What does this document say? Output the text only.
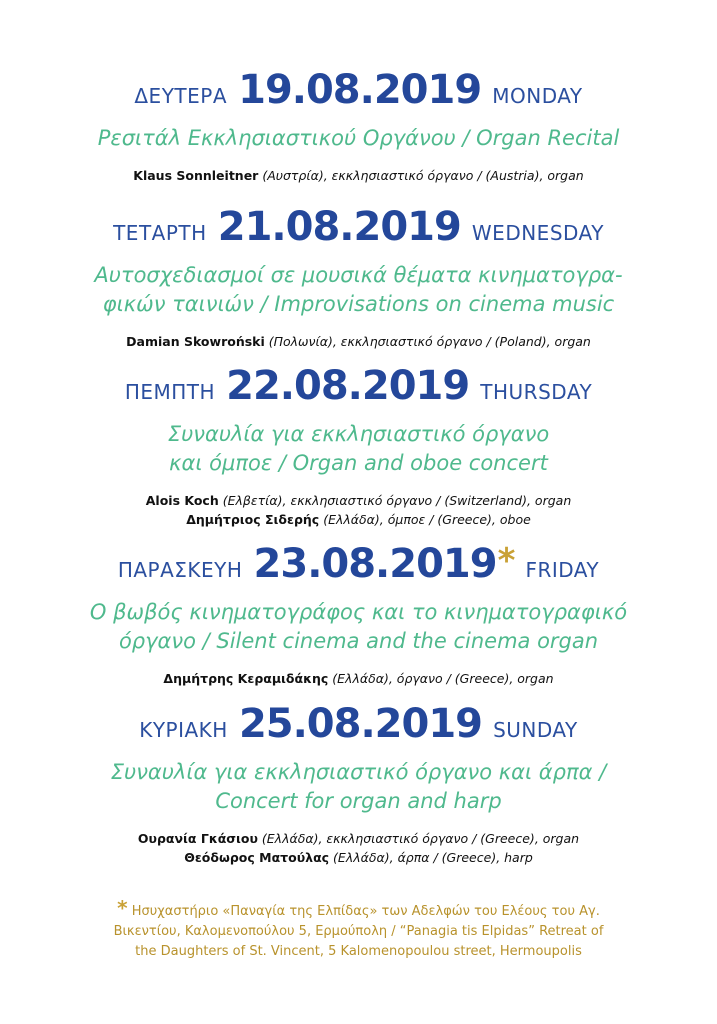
ΔΕΥΤΕΡΑ 19.08.2019 MONDAY
Ρεσιτάλ Εκκλησιαστικού Οργάνου / Organ Recital
Klaus Sonnleitner (Αυστρία), εκκλησιαστικό όργανο / (Austria), organ
ΤΕΤΑΡΤΗ 21.08.2019 WEDNESDAY
Αυτοσχεδιασμοί σε μουσικά θέματα κινηματογρα-
φικών ταινιών / Improvisations on cinema music
Damian Skowroński (Πολωνία), εκκλησιαστικό όργανο / (Poland), organ
ΠΕΜΠΤΗ 22.08.2019 THURSDAY
Συναυλία για εκκλησιαστικό όργανο
και όμποε / Organ and oboe concert
Alois Koch (Ελβετία), εκκλησιαστικό όργανο / (Switzerland), organ
Δημήτριος Σιδερής (Ελλάδα), όμποε / (Greece), oboe
ΠΑΡΑΣΚΕΥΗ 23.08.2019* FRIDAY
Ο βωβός κινηματογράφος και το κινηματογραφικό
όργανο / Silent cinema and the cinema organ
Δημήτρης Κεραμιδάκης (Ελλάδα), όργανο / (Greece), organ
ΚΥΡΙΑΚΗ 25.08.2019 SUNDAY
Συναυλία για εκκλησιαστικό όργανο και άρπα /
Concert for organ and harp
Ουρανία Γκάσιου (Ελλάδα), εκκλησιαστικό όργανο / (Greece), organ
Θεόδωρος Ματούλας (Ελλάδα), άρπα / (Greece), harp
* Ησυχαστήριο «Παναγία της Ελπίδας» των Αδελφών του Ελέους του Αγ.
Βικεντίου, Καλομενοπούλου 5, Ερμούπολη / “Panagia tis Elpidas” Retreat of
the Daughters of St. Vincent, 5 Kalomenopoulou street, Hermoupolis
